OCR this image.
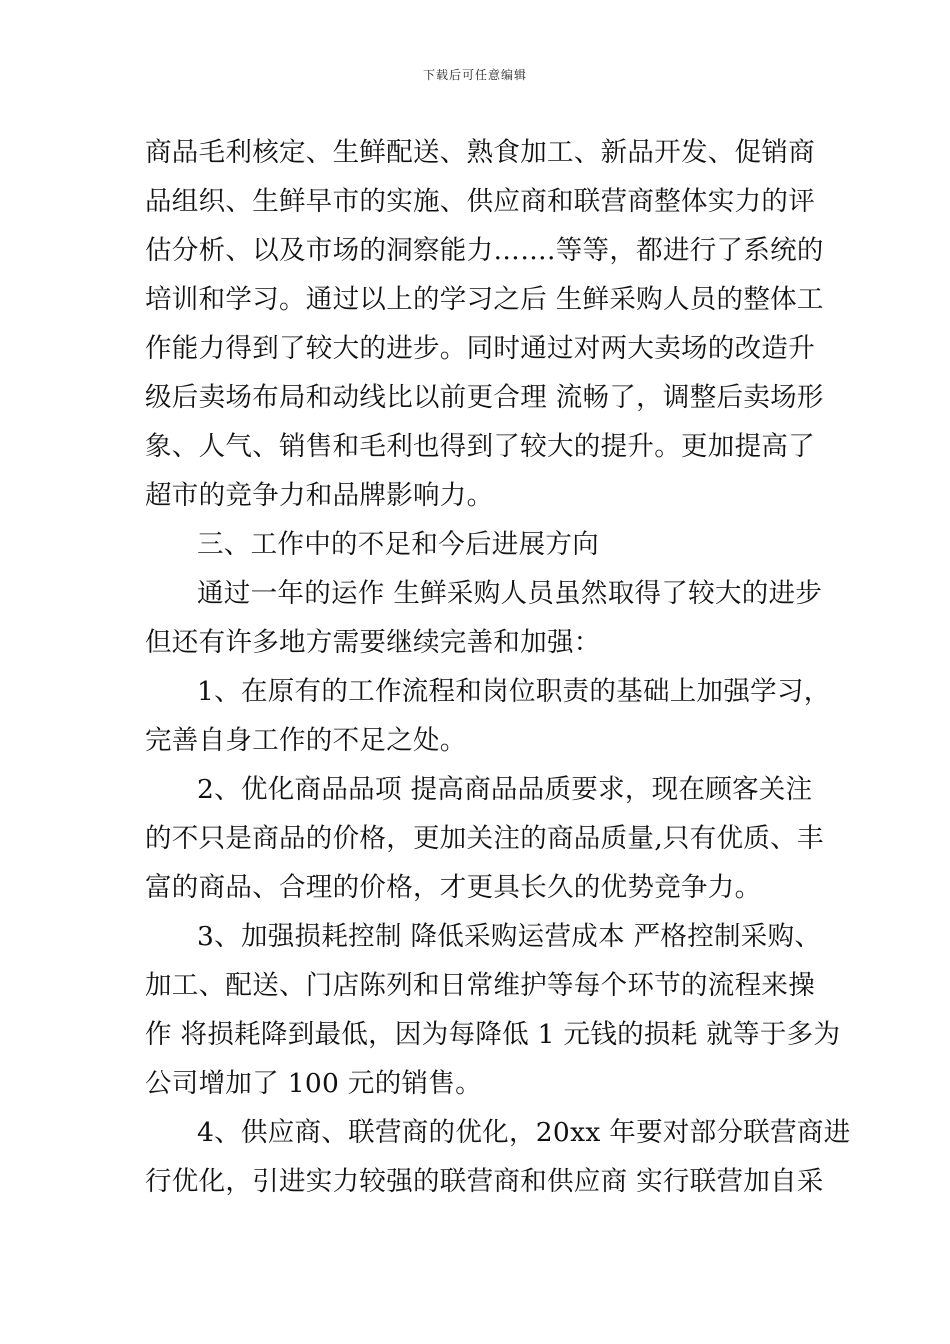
下载后可任意编辑
商品毛利核定、生鲜配送、熟食加工、新品开发、促销商
品组织、生鲜早市的实施、供应商和联营商整体实力的评
估分析、以及市场的洞察能力…….等等，都进行了系统的
培训和学习。通过以上的学习之后 生鲜采购人员的整体工
作能力得到了较大的进步。同时通过对两大卖场的改造升
级后卖场布局和动线比以前更合理 流畅了，调整后卖场形
象、人气、销售和毛利也得到了较大的提升。更加提高了
超市的竞争力和品牌影响力。
三、工作中的不足和今后进展方向
通过一年的运作 生鲜采购人员虽然取得了较大的进步
但还有许多地方需要继续完善和加强：
1、在原有的工作流程和岗位职责的基础上加强学习，
完善自身工作的不足之处。
2、优化商品品项 提高商品品质要求，现在顾客关注
的不只是商品的价格，更加关注的商品质量,只有优质、丰
富的商品、合理的价格，才更具长久的优势竞争力。
3、加强损耗控制 降低采购运营成本 严格控制采购、
加工、配送、门店陈列和日常维护等每个环节的流程来操
作 将损耗降到最低，因为每降低 1 元钱的损耗 就等于多为
公司增加了 100 元的销售。
4、供应商、联营商的优化，20xx 年要对部分联营商进
行优化，引进实力较强的联营商和供应商 实行联营加自采
